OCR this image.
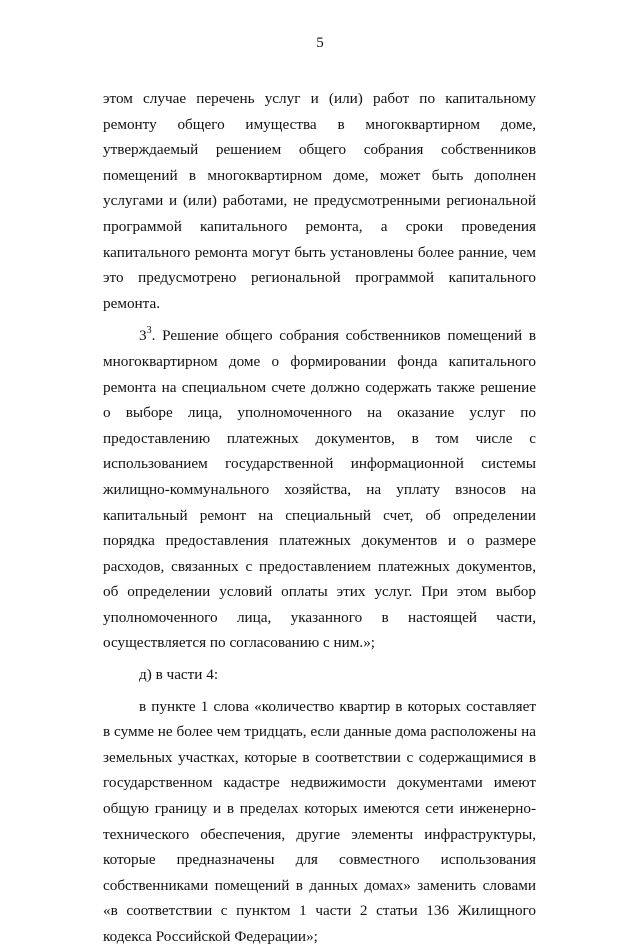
5

этом случае перечень услуг и (или) работ по капитальному ремонту общего имущества в многоквартирном доме, утверждаемый решением общего собрания собственников помещений в многоквартирном доме, может быть дополнен услугами и (или) работами, не предусмотренными региональной программой капитального ремонта, а сроки проведения капитального ремонта могут быть установлены более ранние, чем это предусмотрено региональной программой капитального ремонта.

$3^3$. Решение общего собрания собственников помещений в многоквартирном доме о формировании фонда капитального ремонта на специальном счете должно содержать также решение о выборе лица, уполномоченного на оказание услуг по предоставлению платежных документов, в том числе с использованием государственной информационной системы жилищно-коммунального хозяйства, на уплату взносов на капитальный ремонт на специальный счет, об определении порядка предоставления платежных документов и о размере расходов, связанных с предоставлением платежных документов, об определении условий оплаты этих услуг. При этом выбор уполномоченного лица, указанного в настоящей части, осуществляется по согласованию с ним.»;

д) в части 4:

в пункте 1 слова «количество квартир в которых составляет в сумме не более чем тридцать, если данные дома расположены на земельных участках, которые в соответствии с содержащимися в государственном кадастре недвижимости документами имеют общую границу и в пределах которых имеются сети инженерно-технического обеспечения, другие элементы инфраструктуры, которые предназначены для совместного использования собственниками помещений в данных домах» заменить словами «в соответствии с пунктом 1 части 2 статьи 136 Жилищного кодекса Российской Федерации»;
